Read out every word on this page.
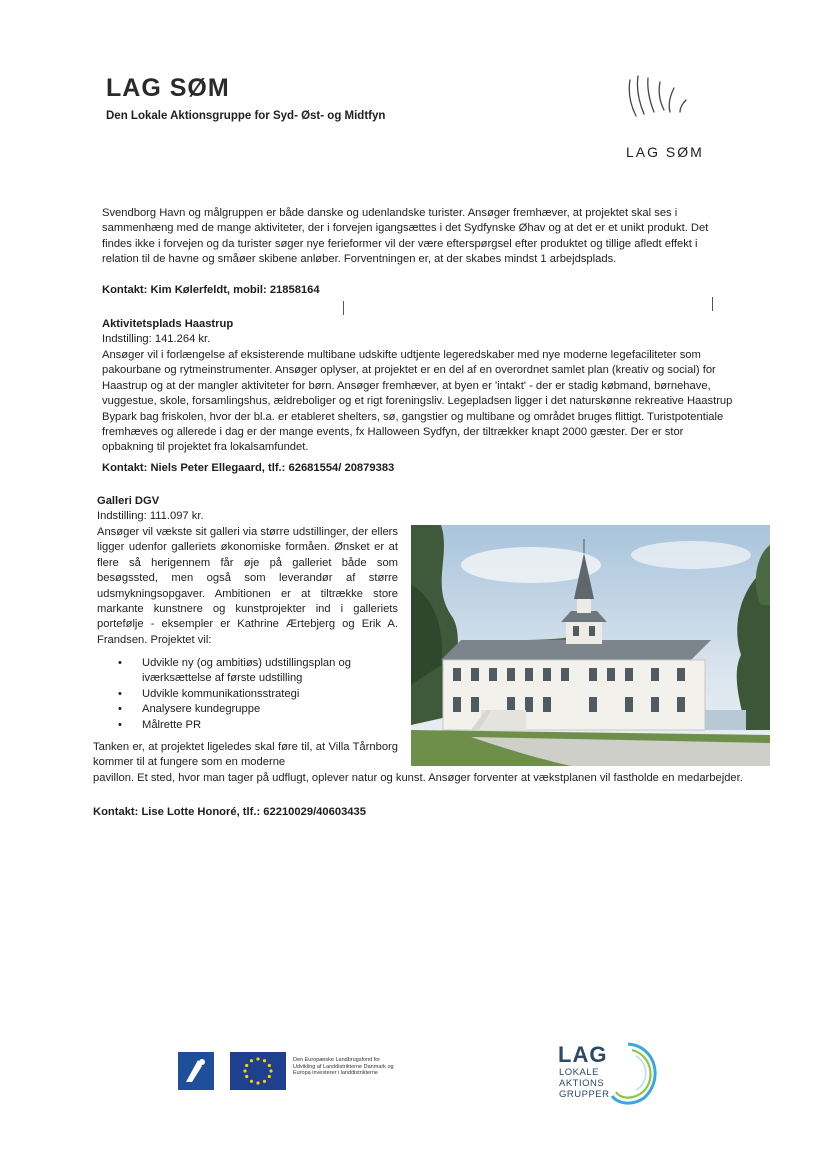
LAG SØM
Den Lokale Aktionsgruppe for Syd- Øst- og Midtfyn
LAG SØM
Svendborg Havn og målgruppen er både danske og udenlandske turister. Ansøger fremhæver, at projektet skal ses i sammenhæng med de mange aktiviteter, der i forvejen igangsættes i det Sydfynske Øhav og at det er et unikt produkt. Det findes ikke i forvejen og da turister søger nye ferieformer vil der være efterspørgsel efter produktet og tillige afledt effekt i relation til de havne og småøer skibene anløber. Forventningen er, at der skabes mindst 1 arbejdsplads.
Kontakt: Kim Kølerfeldt, mobil: 21858164
Aktivitetsplads Haastrup
Indstilling: 141.264 kr.
Ansøger vil i forlængelse af eksisterende multibane udskifte udtjente legeredskaber med nye moderne legefaciliteter som pakourbane og rytmeinstrumenter. Ansøger oplyser, at projektet er en del af en overordnet samlet plan (kreativ og social) for Haastrup og at der mangler aktiviteter for børn. Ansøger fremhæver, at byen er 'intakt' - der er stadig købmand, børnehave, vuggestue, skole, forsamlingshus, ældreboliger og et rigt foreningsliv. Legepladsen ligger i det naturskønne rekreative Haastrup Bypark bag friskolen, hvor der bl.a. er etableret shelters, sø, gangstier og multibane og området bruges flittigt. Turistpotentiale fremhæves og allerede i dag er der mange events, fx Halloween Sydfyn, der tiltrækker knapt 2000 gæster. Der er stor opbakning til projektet fra lokalsamfundet.
Kontakt: Niels Peter Ellegaard, tlf.: 62681554/ 20879383
Galleri DGV
Indstilling: 111.097 kr.
Ansøger vil vækste sit galleri via større udstillinger, der ellers ligger udenfor galleriets økonomiske formåen. Ønsket er at flere så herigennem får øje på galleriet både som besøgssted, men også som leverandør af større udsmykningsopgaver. Ambitionen er at tiltrække store markante kunstnere og kunstprojekter ind i galleriets portefølje - eksempler er Kathrine Ærtebjerg og Erik A. Frandsen. Projektet vil:
• Udvikle ny (og ambitiøs) udstillingsplan og iværksættelse af første udstilling
• Udvikle kommunikationsstrategi
• Analysere kundegruppe
• Målrette PR
Tanken er, at projektet ligeledes skal føre til, at Villa Tårnborg kommer til at fungere som en moderne
pavillon. Et sted, hvor man tager på udflugt, oplever natur og kunst. Ansøger forventer at vækstplanen vil fastholde en medarbejder.
Kontakt: Lise Lotte Honoré, tlf.: 62210029/40603435
Den Europæiske Landbrugsfond for Udvikling af Landdistrikterne Danmark og Europa investerer i landdistrikterne
LAG
LOKALE
AKTIONS
GRUPPER
